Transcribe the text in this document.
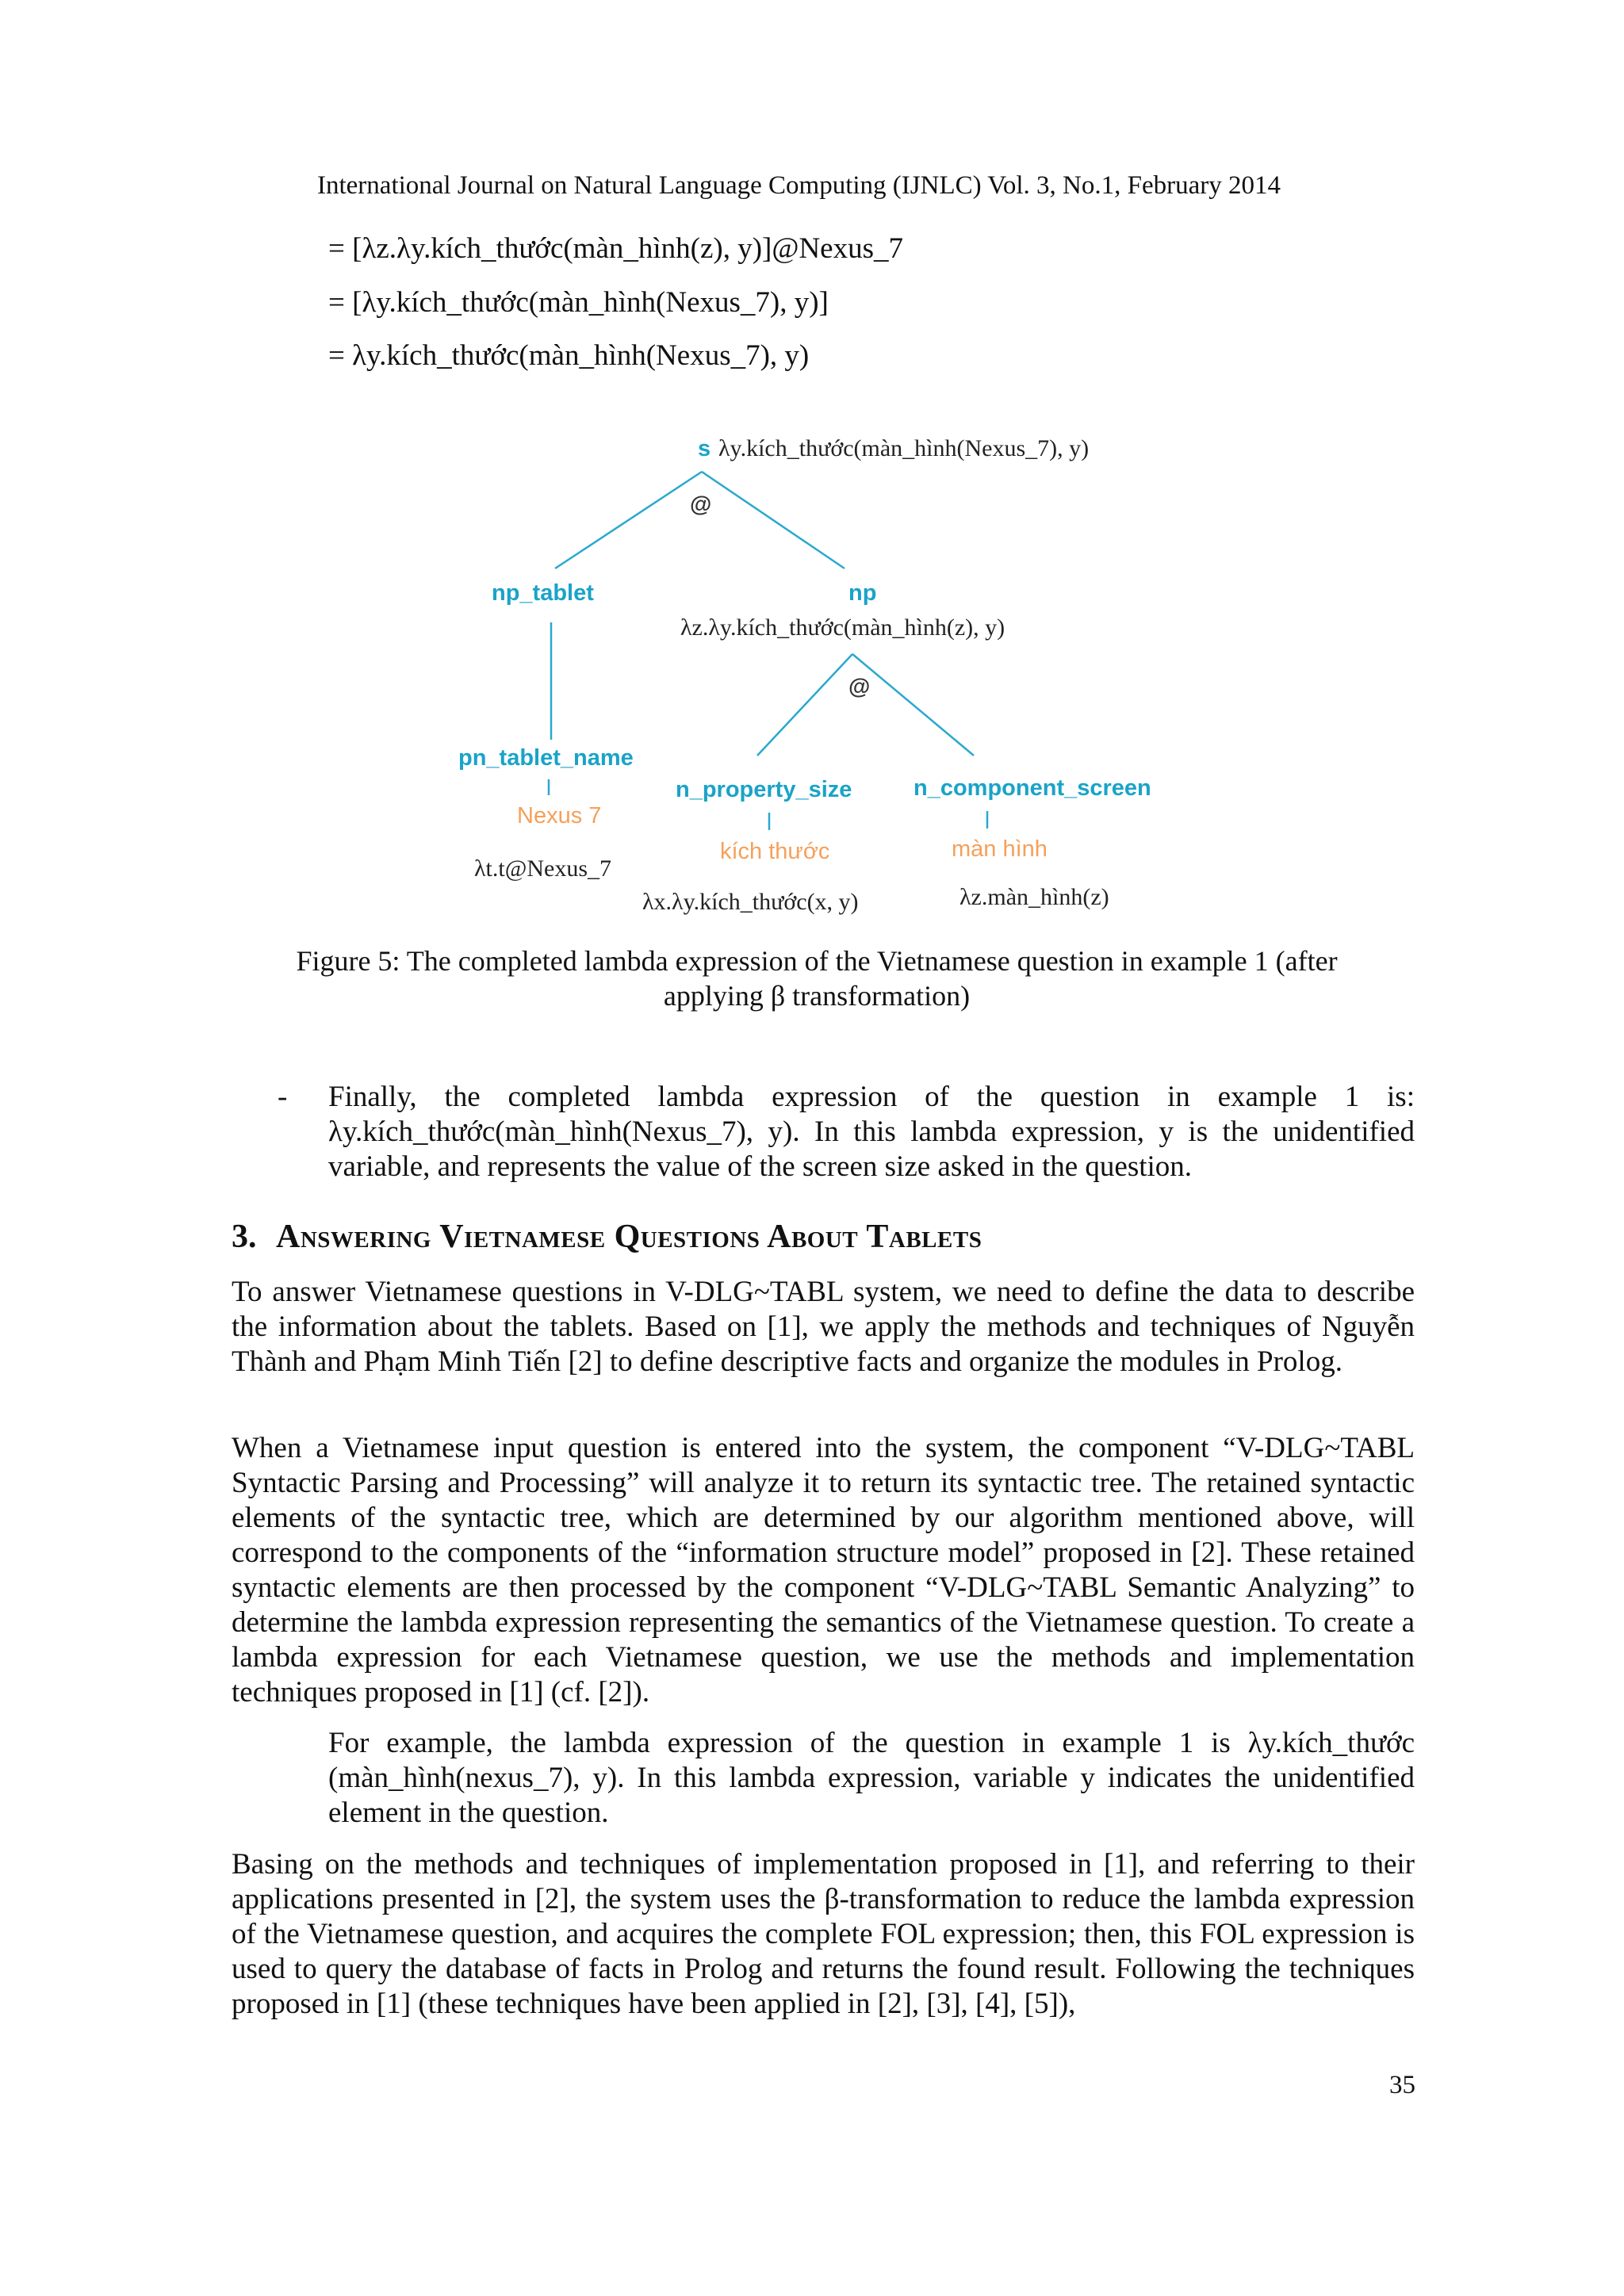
International Journal on Natural Language Computing (IJNLC) Vol. 3, No.1, February 2014
= [λz.λy.kích_thước(màn_hình(z), y)]@Nexus_7
= [λy.kích_thước(màn_hình(Nexus_7), y)]
= λy.kích_thước(màn_hình(Nexus_7), y)
s λy.kích_thước(màn_hình(Nexus_7), y)
@
np_tablet	np
λz.λy.kích_thước(màn_hình(z), y)
@
pn_tablet_name
Nexus 7
λt.t@Nexus_7
n_property_size
kích thước
λx.λy.kích_thước(x, y)
n_component_screen
màn hình
λz.màn_hình(z)
Figure 5: The completed lambda expression of the Vietnamese question in example 1 (after applying β transformation)
- Finally, the completed lambda expression of the question in example 1 is: λy.kích_thước(màn_hình(Nexus_7), y). In this lambda expression, y is the unidentified variable, and represents the value of the screen size asked in the question.
3. Answering Vietnamese Questions About Tablets
To answer Vietnamese questions in V-DLG~TABL system, we need to define the data to describe the information about the tablets. Based on [1], we apply the methods and techniques of Nguyễn Thành and Phạm Minh Tiến [2] to define descriptive facts and organize the modules in Prolog.
When a Vietnamese input question is entered into the system, the component “V-DLG~TABL Syntactic Parsing and Processing” will analyze it to return its syntactic tree. The retained syntactic elements of the syntactic tree, which are determined by our algorithm mentioned above, will correspond to the components of the “information structure model” proposed in [2]. These retained syntactic elements are then processed by the component “V-DLG~TABL Semantic Analyzing” to determine the lambda expression representing the semantics of the Vietnamese question. To create a lambda expression for each Vietnamese question, we use the methods and implementation techniques proposed in [1] (cf. [2]).
For example, the lambda expression of the question in example 1 is λy.kích_thước (màn_hình(nexus_7), y). In this lambda expression, variable y indicates the unidentified element in the question.
Basing on the methods and techniques of implementation proposed in [1], and referring to their applications presented in [2], the system uses the β-transformation to reduce the lambda expression of the Vietnamese question, and acquires the complete FOL expression; then, this FOL expression is used to query the database of facts in Prolog and returns the found result. Following the techniques proposed in [1] (these techniques have been applied in [2], [3], [4], [5]),
35
